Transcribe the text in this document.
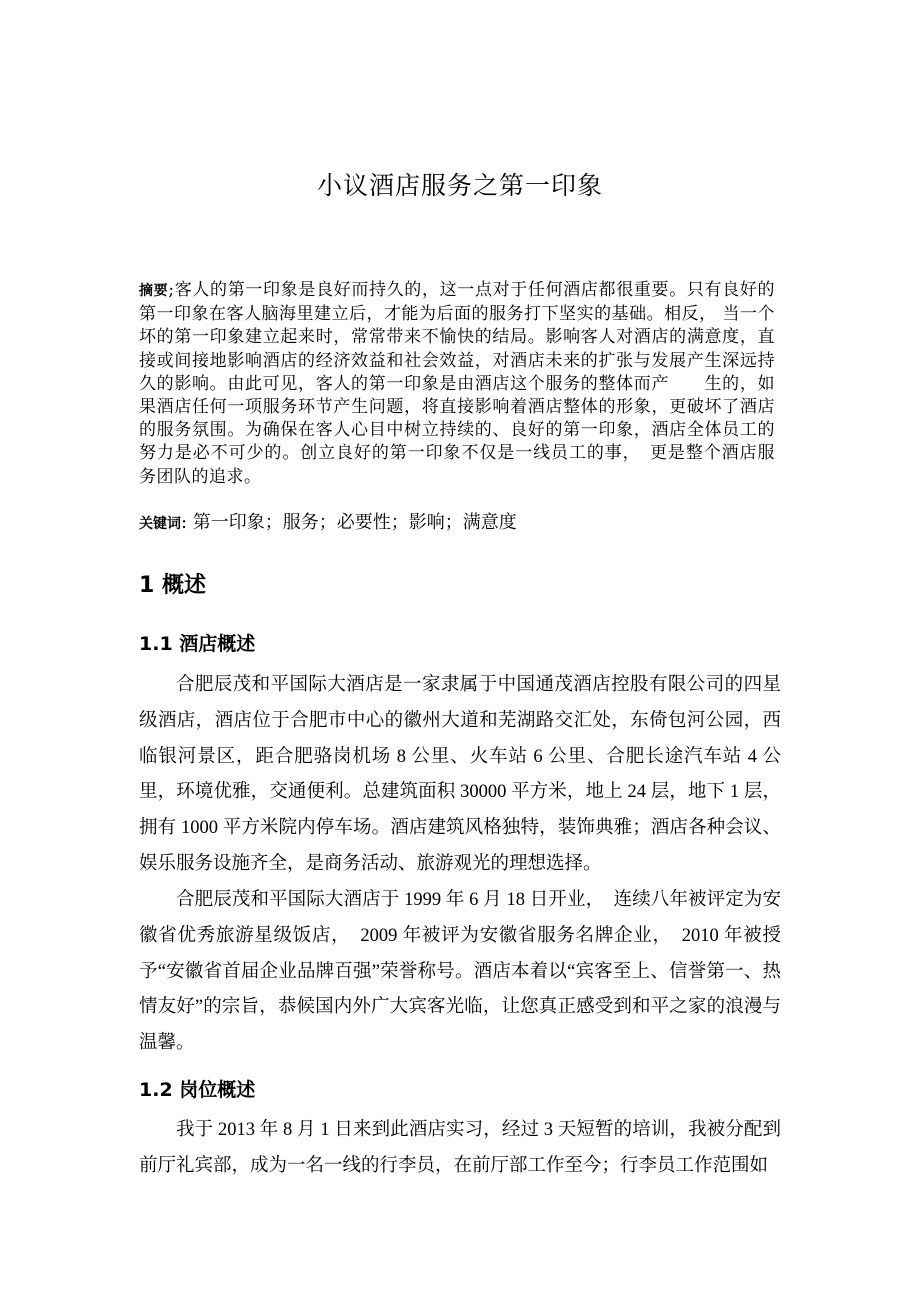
小议酒店服务之第一印象

摘要;客人的第一印象是良好而持久的，这一点对于任何酒店都很重要。只有良好的第一印象在客人脑海里建立后，才能为后面的服务打下坚实的基础。相反， 当一个坏的第一印象建立起来时，常常带来不愉快的结局。影响客人对酒店的满意度，直接或间接地影响酒店的经济效益和社会效益，对酒店未来的扩张与发展产生深远持久的影响。由此可见，客人的第一印象是由酒店这个服务的整体而产　　生的，如果酒店任何一项服务环节产生问题，将直接影响着酒店整体的形象，更破坏了酒店的服务氛围。为确保在客人心目中树立持续的、良好的第一印象，酒店全体员工的努力是必不可少的。创立良好的第一印象不仅是一线员工的事，　更是整个酒店服务团队的追求。

关键词: 第一印象；服务；必要性；影响；满意度

1 概述
1.1 酒店概述

合肥辰茂和平国际大酒店是一家隶属于中国通茂酒店控股有限公司的四星级酒店，酒店位于合肥市中心的徽州大道和芜湖路交汇处，东倚包河公园，西临银河景区，距合肥骆岗机场 8 公里、火车站 6 公里、合肥长途汽车站 4 公里，环境优雅，交通便利。总建筑面积 30000 平方米，地上 24 层，地下 1 层，拥有 1000 平方米院内停车场。酒店建筑风格独特，装饰典雅；酒店各种会议、娱乐服务设施齐全，是商务活动、旅游观光的理想选择。

合肥辰茂和平国际大酒店于 1999 年 6 月 18 日开业，　连续八年被评定为安徽省优秀旅游星级饭店，　2009 年被评为安徽省服务名牌企业，　2010 年被授予“安徽省首届企业品牌百强”荣誉称号。酒店本着以“宾客至上、信誉第一、热情友好”的宗旨，恭候国内外广大宾客光临，让您真正感受到和平之家的浪漫与温馨。

1.2 岗位概述

我于 2013 年 8 月 1 日来到此酒店实习，经过 3 天短暂的培训，我被分配到前厅礼宾部，成为一名一线的行李员，在前厅部工作至今；行李员工作范围如
